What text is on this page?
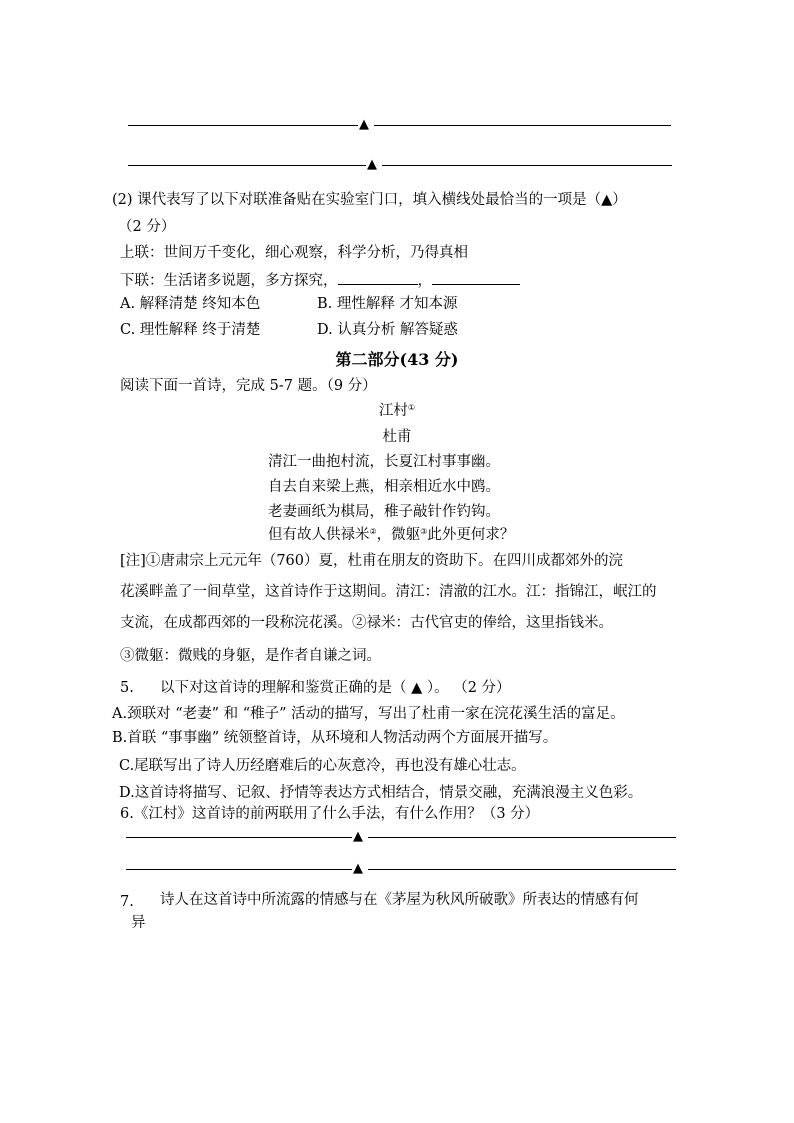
▲
▲
(2) 课代表写了以下对联准备贴在实验室门口，填入横线处最恰当的一项是（▲）
（2 分）
上联：世间万千变化，细心观察，科学分析，乃得真相
下联：生活诸多说题，多方探究，	，
A. 解释清楚 终知本色	B. 理性解释 才知本源
C. 理性解释 终于清楚	D. 认真分析 解答疑惑
第二部分(43 分)
阅读下面一首诗，完成 5-7 题。（9 分）
江村①
杜甫
清江一曲抱村流，长夏江村事事幽。
自去自来梁上燕，相亲相近水中鸥。
老妻画纸为棋局，稚子敲针作钓钩。
但有故人供禄米②，微躯③此外更何求？
[注]①唐肃宗上元元年（760）夏，杜甫在朋友的资助下。在四川成都郊外的浣
花溪畔盖了一间草堂，这首诗作于这期间。清江：清澈的江水。江：指锦江，岷江的
支流，在成都西郊的一段称浣花溪。②禄米：古代官吏的俸给，这里指钱米。
③微躯：微贱的身躯，是作者自谦之词。
5. 以下对这首诗的理解和鉴赏正确的是（ ▲ ）。 （2 分）
A.颈联对 “老妻” 和 “稚子” 活动的描写，写出了杜甫一家在浣花溪生活的富足。
B.首联 “事事幽” 统领整首诗，从环境和人物活动两个方面展开描写。
C.尾联写出了诗人历经磨难后的心灰意冷，再也没有雄心壮志。
D.这首诗将描写、记叙、抒情等表达方式相结合，情景交融，充满浪漫主义色彩。
6.《江村》这首诗的前两联用了什么手法，有什么作用？（3 分）
▲
▲
7. 诗人在这首诗中所流露的情感与在《茅屋为秋风所破歌》所表达的情感有何
异
